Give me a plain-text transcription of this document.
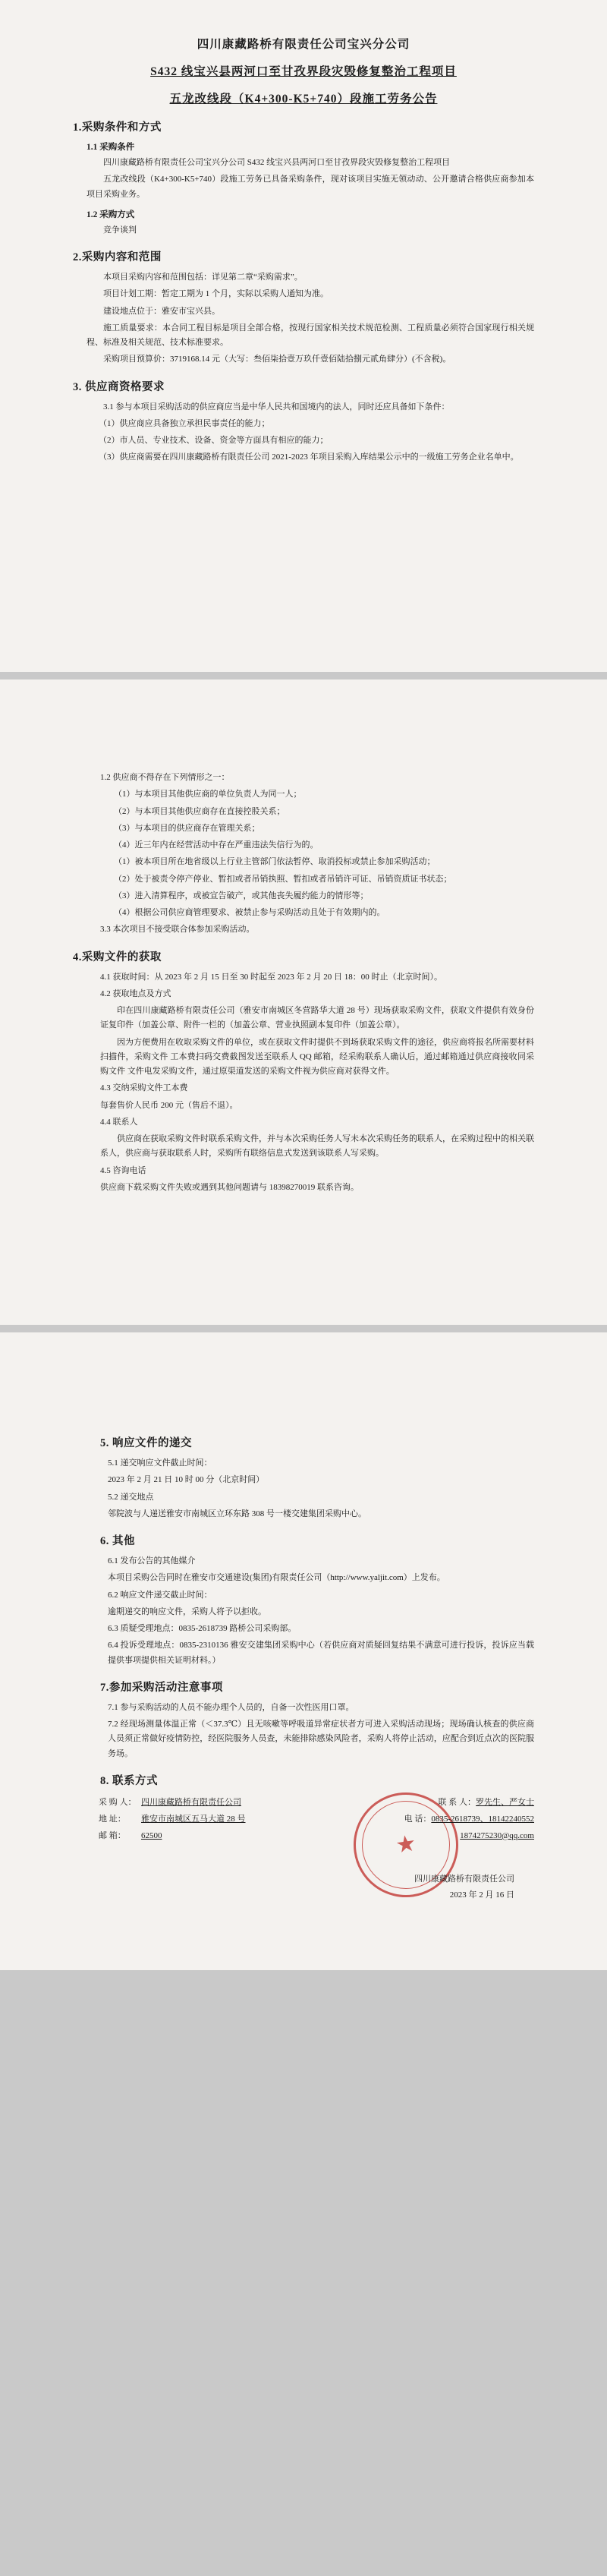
四川康藏路桥有限责任公司宝兴分公司
S432 线宝兴县两河口至甘孜界段灾毁修复整治工程项目
五龙改线段（K4+300-K5+740）段施工劳务公告
1.采购条件和方式
1.1 采购条件

四川康藏路桥有限责任公司宝兴分公司 S432 线宝兴县两河口至甘孜界段灾毁修复整治工程项目

五龙改线段（K4+300-K5+740）段施工劳务已具备采购条件，现对该项目实施无领动动、公开邀请合格供应商参加本项目采购业务。

1.2 采购方式

竞争谈判

2.采购内容和范围

本项目采购内容和范围包括：详见第二章“采购需求”。

项目计划工期：暂定工期为 1 个月，实际以采购人通知为准。

建设地点位于：雅安市宝兴县。

施工质量要求：本合同工程目标是项目全部合格，按现行国家相关技术规范检测、工程质量必须符合国家现行相关规程、标准及相关规范、技术标准要求。

采购项目预算价：3719168.14 元（大写：叁佰柒拾壹万玖仟壹佰陆拾捌元贰角肆分）(不含税)。

3. 供应商资格要求

3.1 参与本项目采购活动的供应商应当是中华人民共和国境内的法人，同时还应具备如下条件：

（1）供应商应具备独立承担民事责任的能力；

（2）市人员、专业技术、设备、资金等方面具有相应的能力；

（3）供应商需要在四川康藏路桥有限责任公司 2021-2023 年项目采购入库结果公示中的一级施工劳务企业名单中。

1.2 供应商不得存在下列情形之一：

（1）与本项目其他供应商的单位负责人为同一人；

（2）与本项目其他供应商存在直接控股关系；

（3）与本项目的供应商存在管理关系；

（4）近三年内在经营活动中存在严重违法失信行为的。

（1）被本项目所在地省级以上行业主管部门依法暂停、取消投标或禁止参加采购活动；

（2）处于被责令停产停业、暂扣或者吊销执照、暂扣或者吊销许可证、吊销资质证书状态；

（3）进入清算程序，或被宣告破产，或其他丧失履约能力的情形等；

（4）根据公司供应商管理要求、被禁止参与采购活动且处于有效期内的。

3.3 本次项目不接受联合体参加采购活动。

4.采购文件的获取

4.1 获取时间：从 2023 年 2 月 15 日至 30 时起至 2023 年 2 月 20 日 18：00 时止（北京时间）。

4.2 获取地点及方式

印在四川康藏路桥有限责任公司（雅安市南城区冬营路华大道 28 号）现场获取采购文件，获取文件提供有效身份证复印件（加盖公章、附件一栏的（加盖公章、营业执照副本复印件（加盖公章）。

因为方便费用在收取采购文件的单位，或在获取文件时提供不到场获取采购文件的途径，供应商将报名所需要材料扫描件，采购文件 工本费扫码交费截图发送至联系人 QQ 邮箱，经采购联系人确认后，通过邮箱通过供应商接收同采购文件 文件电发采购文件，通过原渠道发送的采购文件视为供应商对获得文件。

4.3 交纳采购文件工本费

每套售价人民币 200 元（售后不退）。

4.4 联系人

供应商在获取采购文件时联系采购文件，并与本次采购任务人写未本次采购任务的联系人，在采购过程中的相关联系人，供应商与获取联系人时，采购所有联络信息式发送到该联系人写采购。

4.5 咨询电话

供应商下载采购文件失败或遇到其他问题请与 18398270019 联系咨询。

5. 响应文件的递交

5.1 递交响应文件截止时间：

2023 年 2 月 21 日 10 时 00 分（北京时间）

5.2 递交地点

邻院波与人递送雅安市南城区立环东路 308 号一楼交建集团采购中心。

6. 其他

6.1 发布公告的其他媒介

本项目采购公告同时在雅安市交通建设(集团)有限责任公司（http://www.yaljit.com）上发布。

6.2 响应文件递交截止时间：

逾期递交的响应文件，采购人将予以拒收。

6.3 质疑受理地点：0835-2618739 路桥公司采购部。

6.4 投诉受理地点：0835-2310136 雅安交建集团采购中心（若供应商对质疑回复结果不满意可进行投诉，投诉应当载提供事项提供相关证明材料。）

7.参加采购活动注意事项

7.1 参与采购活动的人员不能办理个人员的，自备一次性医用口罩。

7.2 经现场测量体温正常（＜37.3℃）且无咳嗽等呼吸道异常症状者方可进入采购活动现场；现场确认核查的供应商人员须正常做好疫情防控，经医院服务人员查，未能排除感染风险者，采购人将停止活动，应配合到近点次的医院服务场。

8. 联系方式
采 购 人： 四川康藏路桥有限责任公司	联 系 人： 罗先生、严女士
地 址：	雅安市南城区五马大道 28 号	电 话： 0835-2618739、18142240552
邮 箱：	62500	1874275230@qq.com
★
四川康藏路桥有限责任公司
2023 年 2 月 16 日
